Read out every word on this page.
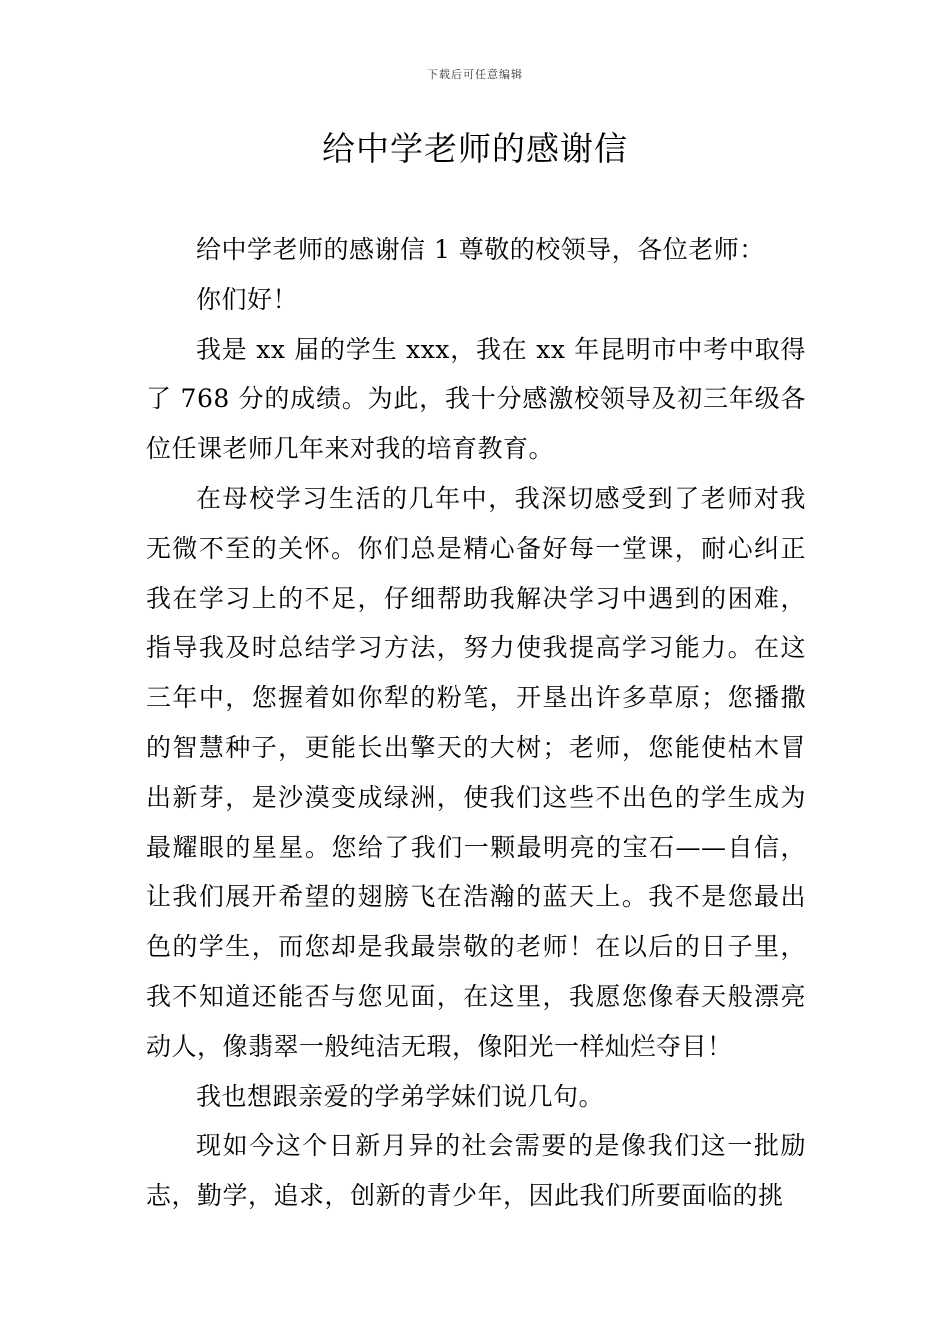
下载后可任意编辑
给中学老师的感谢信

给中学老师的感谢信 1 尊敬的校领导，各位老师：

你们好！

我是 xx 届的学生 xxx，我在 xx 年昆明市中考中取得了 768 分的成绩。为此，我十分感激校领导及初三年级各位任课老师几年来对我的培育教育。

在母校学习生活的几年中，我深切感受到了老师对我无微不至的关怀。你们总是精心备好每一堂课，耐心纠正我在学习上的不足，仔细帮助我解决学习中遇到的困难，指导我及时总结学习方法，努力使我提高学习能力。在这三年中，您握着如你犁的粉笔，开垦出许多草原；您播撒的智慧种子，更能长出擎天的大树；老师，您能使枯木冒出新芽，是沙漠变成绿洲，使我们这些不出色的学生成为最耀眼的星星。您给了我们一颗最明亮的宝石——自信，让我们展开希望的翅膀飞在浩瀚的蓝天上。我不是您最出色的学生，而您却是我最崇敬的老师！在以后的日子里，我不知道还能否与您见面，在这里，我愿您像春天般漂亮动人，像翡翠一般纯洁无瑕，像阳光一样灿烂夺目！

我也想跟亲爱的学弟学妹们说几句。

现如今这个日新月异的社会需要的是像我们这一批励志，勤学，追求，创新的青少年，因此我们所要面临的挑
